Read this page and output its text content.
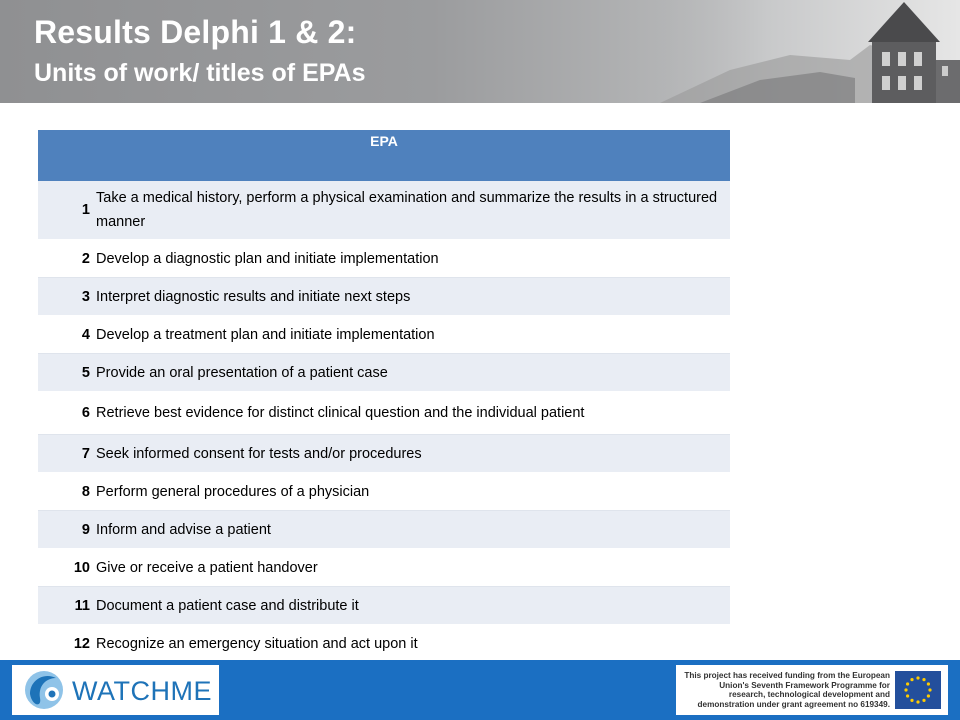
Results Delphi 1 & 2:
Units of work/ titles of EPAs
EPA	
1	Take a medical history, perform a physical examination and summarize the results in a structured manner
2	Develop a diagnostic plan and initiate implementation
3	Interpret diagnostic results and initiate next steps
4	Develop a treatment plan and initiate implementation
5	Provide an oral presentation of a patient case
6	Retrieve best evidence for distinct clinical question and the individual patient
7	Seek informed consent for tests and/or procedures
8	Perform general procedures of a physician
9	Inform and advise a patient
10	Give or receive a patient handover
11	Document a patient case and distribute it
12	Recognize an emergency situation and act upon it
WATCHME
This project has received funding from the European Union's Seventh Framework Programme for research, technological development and demonstration under grant agreement no 619349.
